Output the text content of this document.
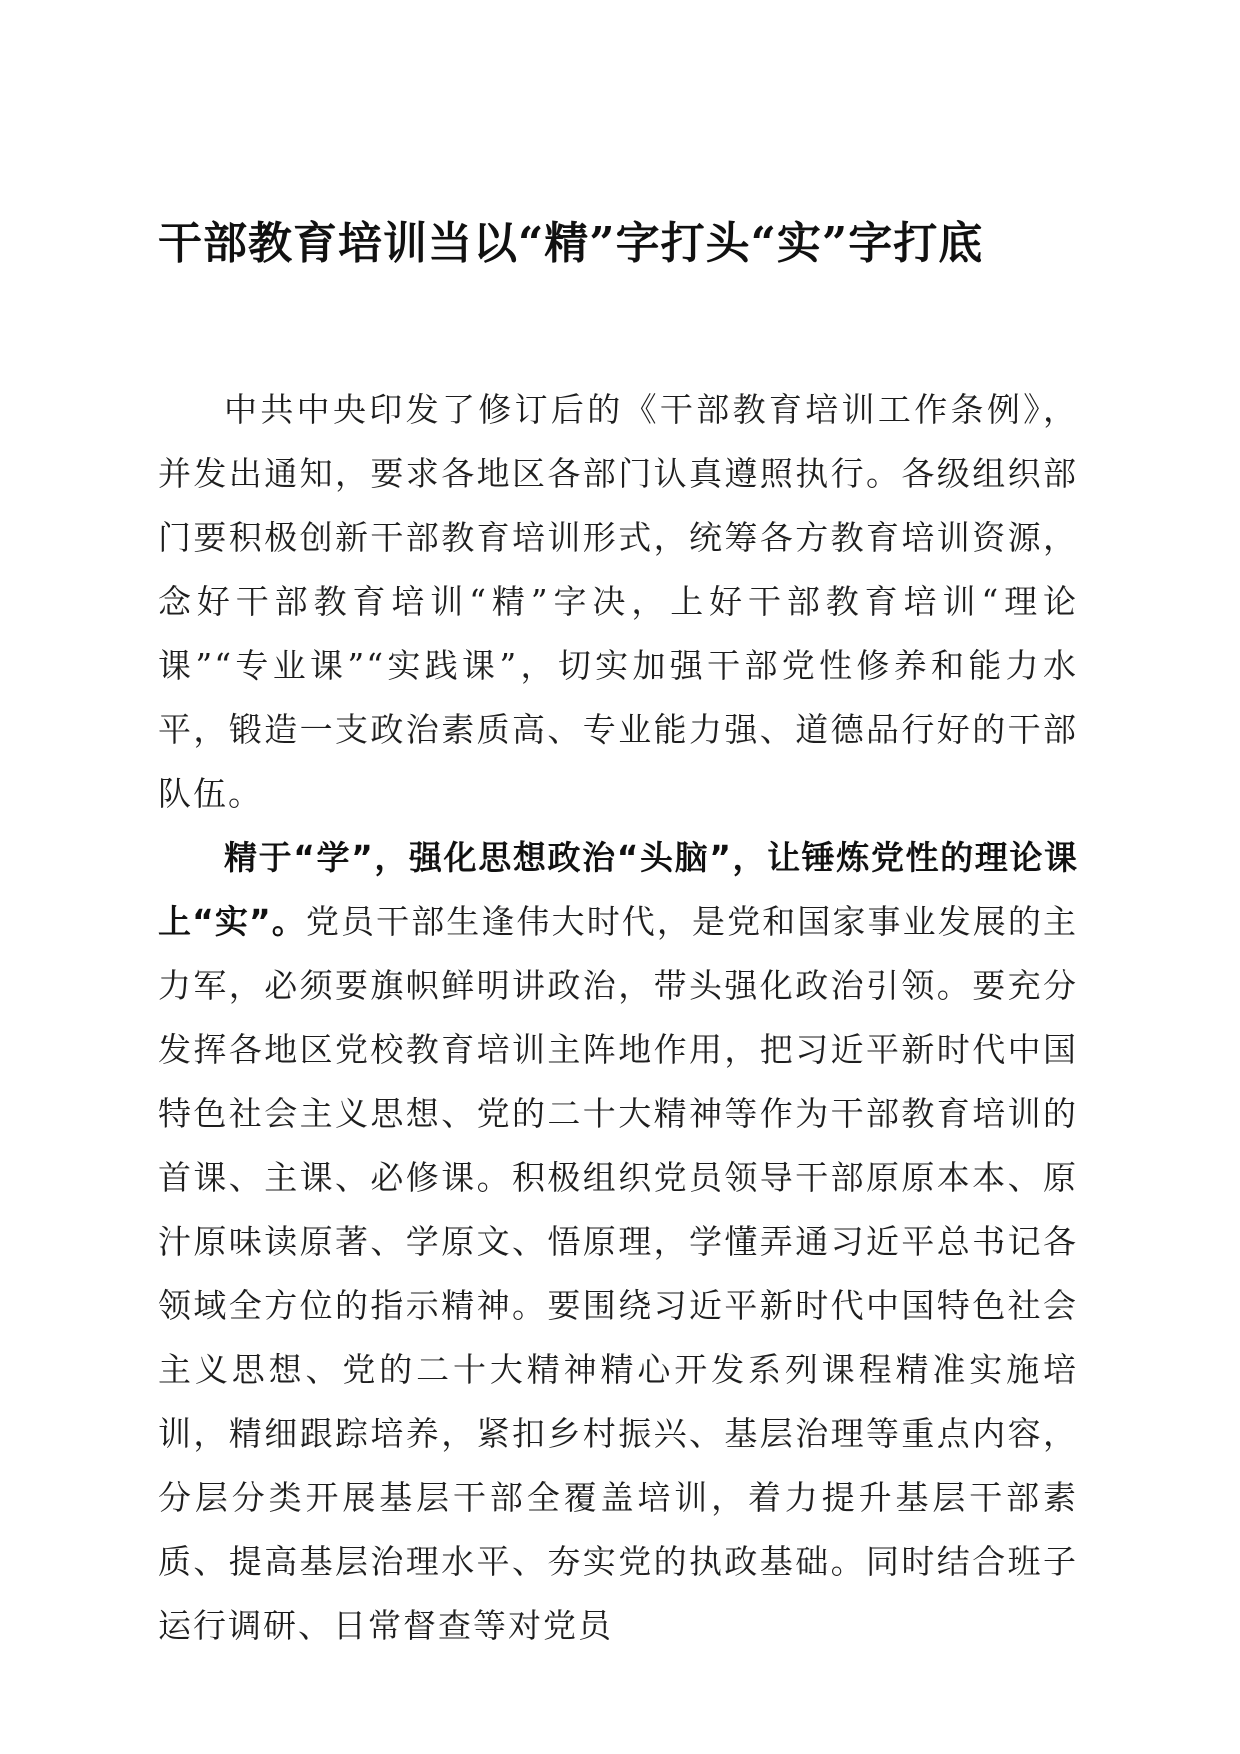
干部教育培训当以“精”字打头“实”字打底

中共中央印发了修订后的《干部教育培训工作条例》，并发出通知，要求各地区各部门认真遵照执行。各级组织部门要积极创新干部教育培训形式，统筹各方教育培训资源，念好干部教育培训“精”字决，上好干部教育培训“理论课”“专业课”“实践课”，切实加强干部党性修养和能力水平，锻造一支政治素质高、专业能力强、道德品行好的干部队伍。

精于“学”，强化思想政治“头脑”，让锤炼党性的理论课上“实”。党员干部生逢伟大时代，是党和国家事业发展的主力军，必须要旗帜鲜明讲政治，带头强化政治引领。要充分发挥各地区党校教育培训主阵地作用，把习近平新时代中国特色社会主义思想、党的二十大精神等作为干部教育培训的首课、主课、必修课。积极组织党员领导干部原原本本、原汁原味读原著、学原文、悟原理，学懂弄通习近平总书记各领域全方位的指示精神。要围绕习近平新时代中国特色社会主义思想、党的二十大精神精心开发系列课程精准实施培训，精细跟踪培养，紧扣乡村振兴、基层治理等重点内容，分层分类开展基层干部全覆盖培训，着力提升基层干部素质、提高基层治理水平、夯实党的执政基础。同时结合班子运行调研、日常督查等对党员
